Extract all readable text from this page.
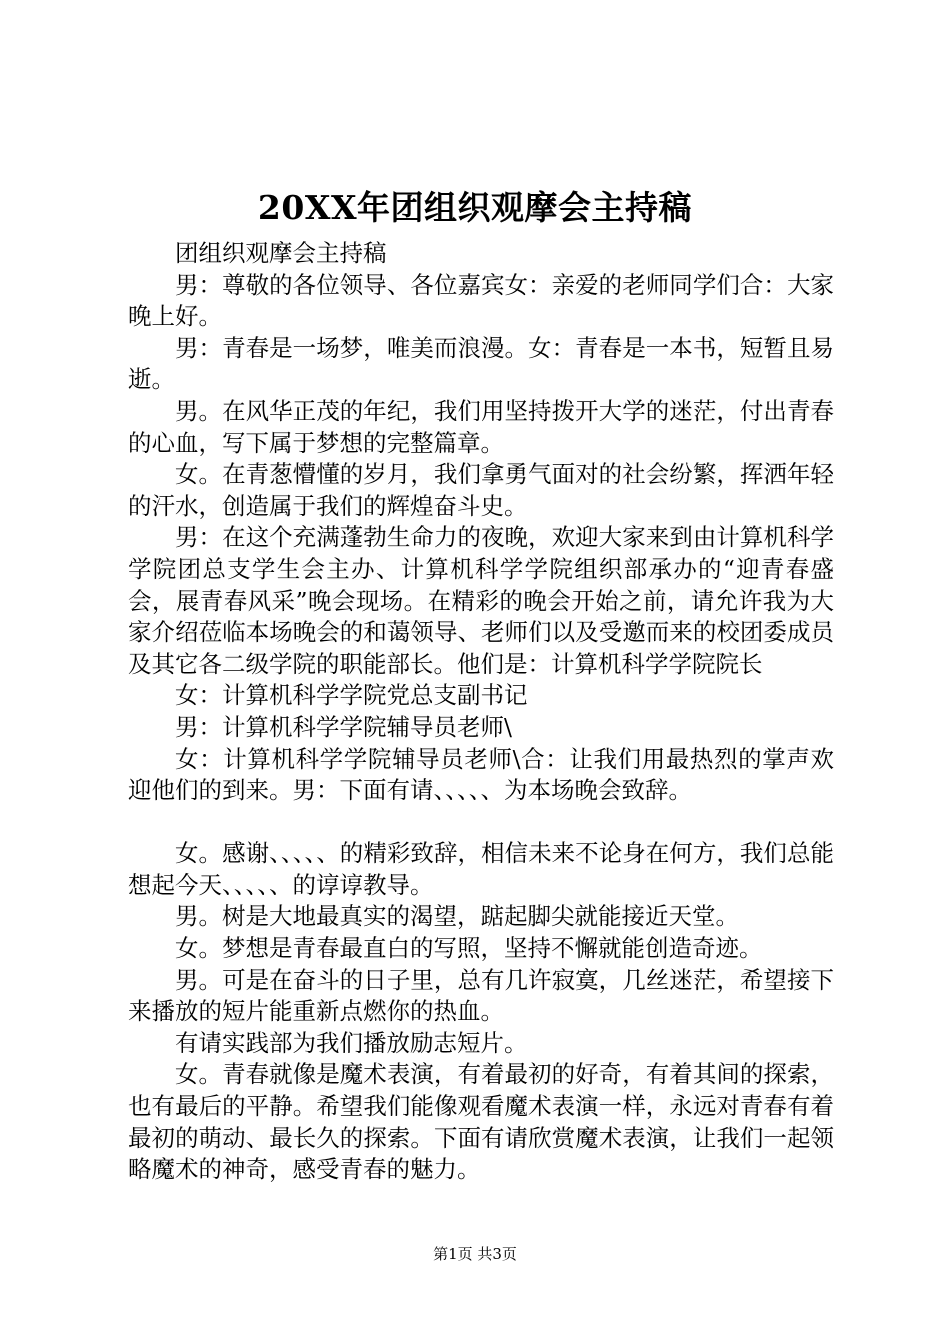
20XX年团组织观摩会主持稿

团组织观摩会主持稿

男：尊敬的各位领导、各位嘉宾女：亲爱的老师同学们合：大家晚上好。

男：青春是一场梦，唯美而浪漫。女：青春是一本书，短暂且易逝。

男。在风华正茂的年纪，我们用坚持拨开大学的迷茫，付出青春的心血，写下属于梦想的完整篇章。

女。在青葱懵懂的岁月，我们拿勇气面对的社会纷繁，挥洒年轻的汗水，创造属于我们的辉煌奋斗史。

男：在这个充满蓬勃生命力的夜晚，欢迎大家来到由计算机科学学院团总支学生会主办、计算机科学学院组织部承办的“迎青春盛会，展青春风采”晚会现场。在精彩的晚会开始之前，请允许我为大家介绍莅临本场晚会的和蔼领导、老师们以及受邀而来的校团委成员及其它各二级学院的职能部长。他们是：计算机科学学院院长

女：计算机科学学院党总支副书记

男：计算机科学学院辅导员老师\

女：计算机科学学院辅导员老师\合：让我们用最热烈的掌声欢迎他们的到来。男：下面有请、、、、、为本场晚会致辞。

女。感谢、、、、、的精彩致辞，相信未来不论身在何方，我们总能想起今天、、、、、的谆谆教导。

男。树是大地最真实的渴望，踮起脚尖就能接近天堂。

女。梦想是青春最直白的写照，坚持不懈就能创造奇迹。

男。可是在奋斗的日子里，总有几许寂寞，几丝迷茫，希望接下来播放的短片能重新点燃你的热血。

有请实践部为我们播放励志短片。

女。青春就像是魔术表演，有着最初的好奇，有着其间的探索，也有最后的平静。希望我们能像观看魔术表演一样，永远对青春有着最初的萌动、最长久的探索。下面有请欣赏魔术表演，让我们一起领略魔术的神奇，感受青春的魅力。

第1页 共3页
